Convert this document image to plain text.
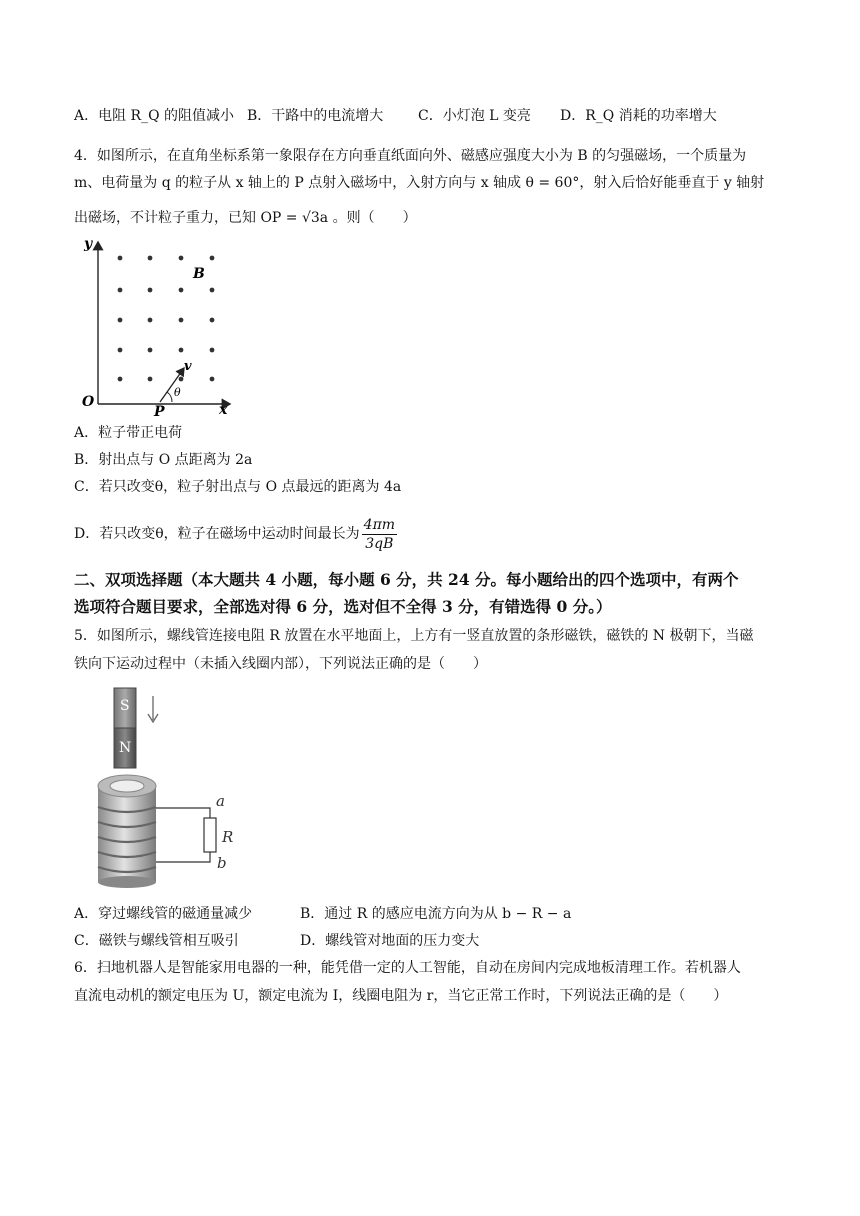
A．电阻 R_Q 的阻值减小 B．干路中的电流增大 C．小灯泡 L 变亮 D．R_Q 消耗的功率增大
4．如图所示，在直角坐标系第一象限存在方向垂直纸面向外、磁感应强度大小为 B 的匀强磁场，一个质量为
m、电荷量为 q 的粒子从 x 轴上的 P 点射入磁场中，入射方向与 x 轴成 θ = 60°，射入后恰好能垂直于 y 轴射
出磁场，不计粒子重力，已知 OP = √3a 。则（　　）
y
x
O
P
B
v
θ
A．粒子带正电荷
B．射出点与 O 点距离为 2a
C．若只改变θ，粒子射出点与 O 点最远的距离为 4a
D．若只改变θ，粒子在磁场中运动时间最长为 $\frac{4\pi m}{3qB}$
二、双项选择题（本大题共 4 小题，每小题 6 分，共 24 分。每小题给出的四个选项中，有两个
选项符合题目要求，全部选对得 6 分，选对但不全得 3 分，有错选得 0 分。）
5．如图所示，螺线管连接电阻 R 放置在水平地面上，上方有一竖直放置的条形磁铁，磁铁的 N 极朝下，当磁
铁向下运动过程中（未插入线圈内部），下列说法正确的是（　　）
S
N
a
R
b
A．穿过螺线管的磁通量减少	B．通过 R 的感应电流方向为从 b − R − a
C．磁铁与螺线管相互吸引	D．螺线管对地面的压力变大
6．扫地机器人是智能家用电器的一种，能凭借一定的人工智能，自动在房间内完成地板清理工作。若机器人
直流电动机的额定电压为 U，额定电流为 I，线圈电阻为 r，当它正常工作时，下列说法正确的是（　　）
